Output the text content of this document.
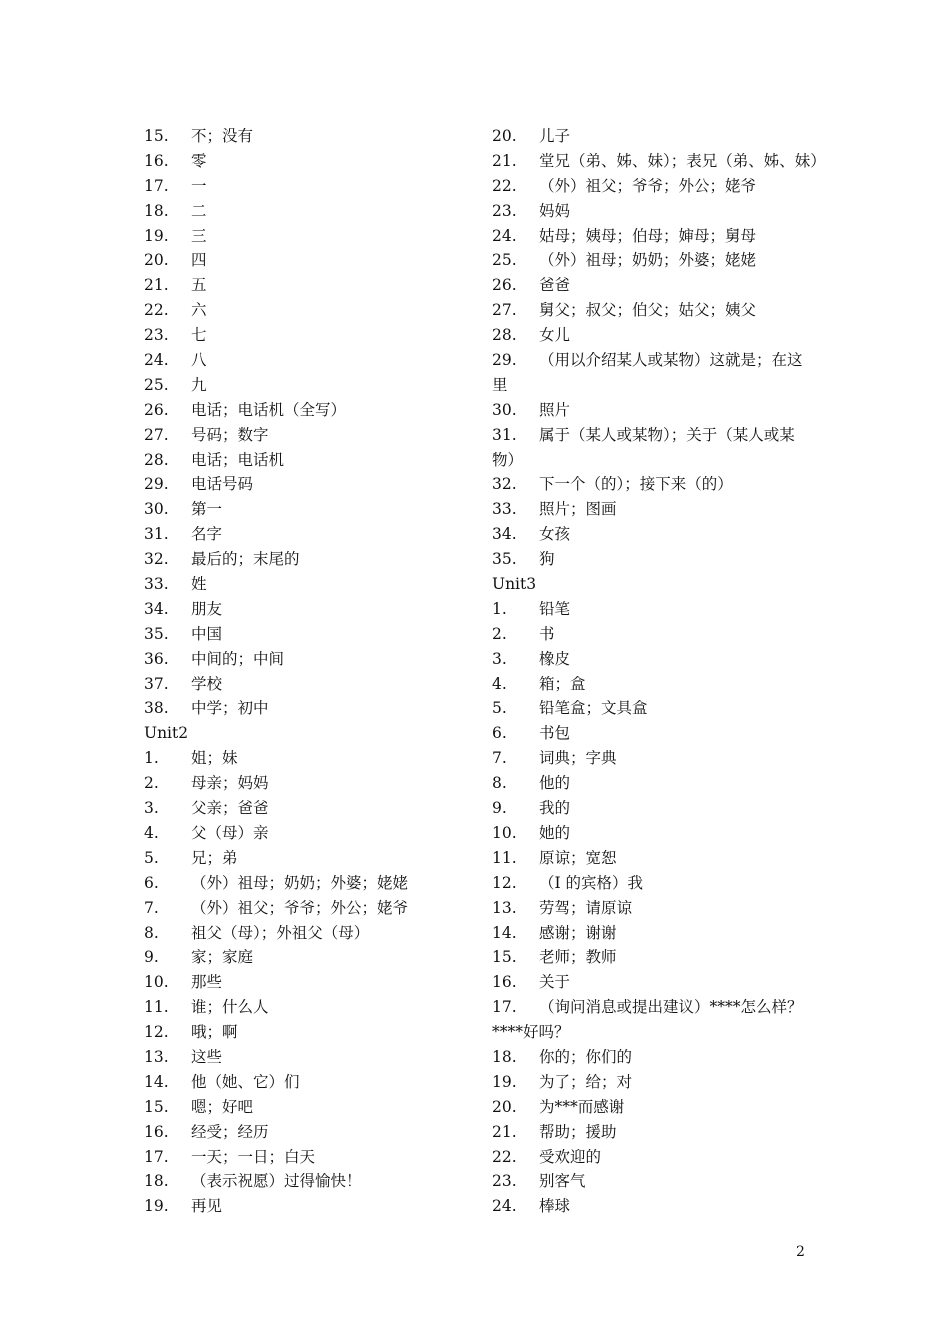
15. 不；没有
16. 零
17. 一
18. 二
19. 三
20. 四
21. 五
22. 六
23. 七
24. 八
25. 九
26. 电话；电话机（全写）
27. 号码；数字
28. 电话；电话机
29. 电话号码
30. 第一
31. 名字
32. 最后的；末尾的
33. 姓
34. 朋友
35. 中国
36. 中间的；中间
37. 学校
38. 中学；初中
Unit2
1. 姐；妹
2. 母亲；妈妈
3. 父亲；爸爸
4. 父（母）亲
5. 兄；弟
6. （外）祖母；奶奶；外婆；姥姥
7. （外）祖父；爷爷；外公；姥爷
8. 祖父（母）；外祖父（母）
9. 家；家庭
10. 那些
11. 谁；什么人
12. 哦；啊
13. 这些
14. 他（她、它）们
15. 嗯；好吧
16. 经受；经历
17. 一天；一日；白天
18. （表示祝愿）过得愉快！
19. 再见
20. 儿子
21. 堂兄（弟、姊、妹）；表兄（弟、姊、妹）
22. （外）祖父；爷爷；外公；姥爷
23. 妈妈
24. 姑母；姨母；伯母；婶母；舅母
25. （外）祖母；奶奶；外婆；姥姥
26. 爸爸
27. 舅父；叔父；伯父；姑父；姨父
28. 女儿
29. （用以介绍某人或某物）这就是；在这
里
30. 照片
31. 属于（某人或某物）；关于（某人或某
物）
32. 下一个（的）；接下来（的）
33. 照片；图画
34. 女孩
35. 狗
Unit3
1. 铅笔
2. 书
3. 橡皮
4. 箱；盒
5. 铅笔盒；文具盒
6. 书包
7. 词典；字典
8. 他的
9. 我的
10. 她的
11. 原谅；宽恕
12. （I 的宾格）我
13. 劳驾；请原谅
14. 感谢；谢谢
15. 老师；教师
16. 关于
17. （询问消息或提出建议）****怎么样？
****好吗？
18. 你的；你们的
19. 为了；给；对
20. 为***而感谢
21. 帮助；援助
22. 受欢迎的
23. 别客气
24. 棒球
2
